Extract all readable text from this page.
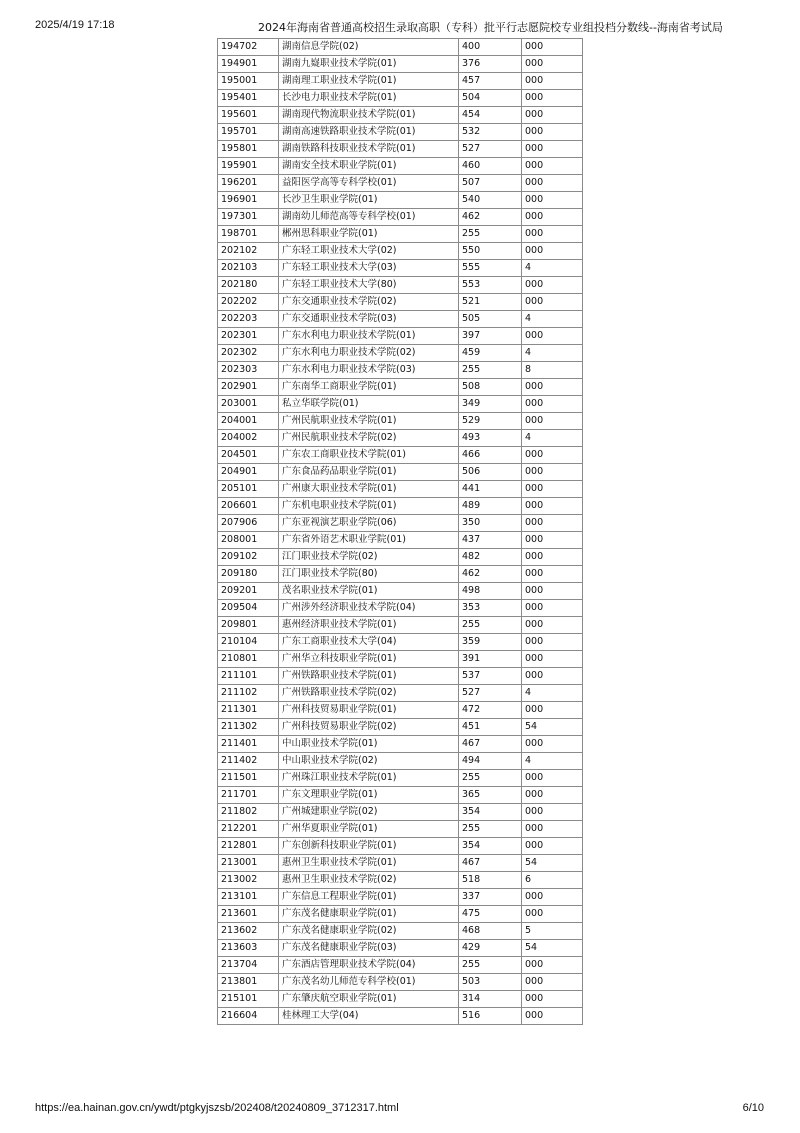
2025/4/19 17:18	2024年海南省普通高校招生录取高职（专科）批平行志愿院校专业组投档分数线--海南省考试局
194702	湖南信息学院(02)	400	000
194901	湖南九嶷职业技术学院(01)	376	000
195001	湖南理工职业技术学院(01)	457	000
195401	长沙电力职业技术学院(01)	504	000
195601	湖南现代物流职业技术学院(01)	454	000
195701	湖南高速铁路职业技术学院(01)	532	000
195801	湖南铁路科技职业技术学院(01)	527	000
195901	湖南安全技术职业学院(01)	460	000
196201	益阳医学高等专科学校(01)	507	000
196901	长沙卫生职业学院(01)	540	000
197301	湖南幼儿师范高等专科学校(01)	462	000
198701	郴州思科职业学院(01)	255	000
202102	广东轻工职业技术大学(02)	550	000
202103	广东轻工职业技术大学(03)	555	4
202180	广东轻工职业技术大学(80)	553	000
202202	广东交通职业技术学院(02)	521	000
202203	广东交通职业技术学院(03)	505	4
202301	广东水利电力职业技术学院(01)	397	000
202302	广东水利电力职业技术学院(02)	459	4
202303	广东水利电力职业技术学院(03)	255	8
202901	广东南华工商职业学院(01)	508	000
203001	私立华联学院(01)	349	000
204001	广州民航职业技术学院(01)	529	000
204002	广州民航职业技术学院(02)	493	4
204501	广东农工商职业技术学院(01)	466	000
204901	广东食品药品职业学院(01)	506	000
205101	广州康大职业技术学院(01)	441	000
206601	广东机电职业技术学院(01)	489	000
207906	广东亚视演艺职业学院(06)	350	000
208001	广东省外语艺术职业学院(01)	437	000
209102	江门职业技术学院(02)	482	000
209180	江门职业技术学院(80)	462	000
209201	茂名职业技术学院(01)	498	000
209504	广州涉外经济职业技术学院(04)	353	000
209801	惠州经济职业技术学院(01)	255	000
210104	广东工商职业技术大学(04)	359	000
210801	广州华立科技职业学院(01)	391	000
211101	广州铁路职业技术学院(01)	537	000
211102	广州铁路职业技术学院(02)	527	4
211301	广州科技贸易职业学院(01)	472	000
211302	广州科技贸易职业学院(02)	451	54
211401	中山职业技术学院(01)	467	000
211402	中山职业技术学院(02)	494	4
211501	广州珠江职业技术学院(01)	255	000
211701	广东文理职业学院(01)	365	000
211802	广州城建职业学院(02)	354	000
212201	广州华夏职业学院(01)	255	000
212801	广东创新科技职业学院(01)	354	000
213001	惠州卫生职业技术学院(01)	467	54
213002	惠州卫生职业技术学院(02)	518	6
213101	广东信息工程职业学院(01)	337	000
213601	广东茂名健康职业学院(01)	475	000
213602	广东茂名健康职业学院(02)	468	5
213603	广东茂名健康职业学院(03)	429	54
213704	广东酒店管理职业技术学院(04)	255	000
213801	广东茂名幼儿师范专科学校(01)	503	000
215101	广东肇庆航空职业学院(01)	314	000
216604	桂林理工大学(04)	516	000
https://ea.hainan.gov.cn/ywdt/ptgkyjszsb/202408/t20240809_3712317.html	6/10
